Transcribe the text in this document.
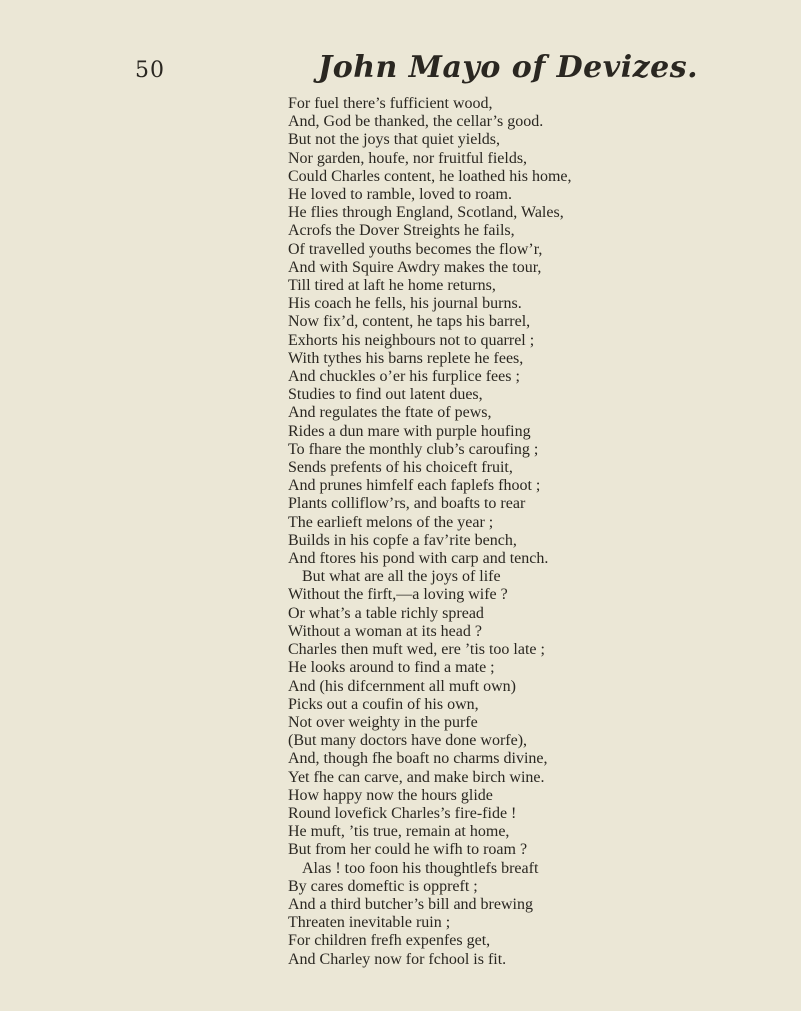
50	John Mayo of Devizes.
For fuel there’s fufficient wood,
And, God be thanked, the cellar’s good.
But not the joys that quiet yields,
Nor garden, houfe, nor fruitful fields,
Could Charles content, he loathed his home,
He loved to ramble, loved to roam.
He flies through England, Scotland, Wales,
Acrofs the Dover Streights he fails,
Of travelled youths becomes the flow’r,
And with Squire Awdry makes the tour,
Till tired at laft he home returns,
His coach he fells, his journal burns.
Now fix’d, content, he taps his barrel,
Exhorts his neighbours not to quarrel ;
With tythes his barns replete he fees,
And chuckles o’er his furplice fees ;
Studies to find out latent dues,
And regulates the ftate of pews,
Rides a dun mare with purple houfing
To fhare the monthly club’s caroufing ;
Sends prefents of his choiceft fruit,
And prunes himfelf each faplefs fhoot ;
Plants colliflow’rs, and boafts to rear
The earlieft melons of the year ;
Builds in his copfe a fav’rite bench,
And ftores his pond with carp and tench.
But what are all the joys of life
Without the firft,—a loving wife ?
Or what’s a table richly spread
Without a woman at its head ?
Charles then muft wed, ere ’tis too late ;
He looks around to find a mate ;
And (his difcernment all muft own)
Picks out a coufin of his own,
Not over weighty in the purfe
(But many doctors have done worfe),
And, though fhe boaft no charms divine,
Yet fhe can carve, and make birch wine.
How happy now the hours glide
Round lovefick Charles’s fire-fide !
He muft, ’tis true, remain at home,
But from her could he wifh to roam ?
Alas ! too foon his thoughtlefs breaft
By cares domeftic is oppreft ;
And a third butcher’s bill and brewing
Threaten inevitable ruin ;
For children frefh expenfes get,
And Charley now for fchool is fit.
